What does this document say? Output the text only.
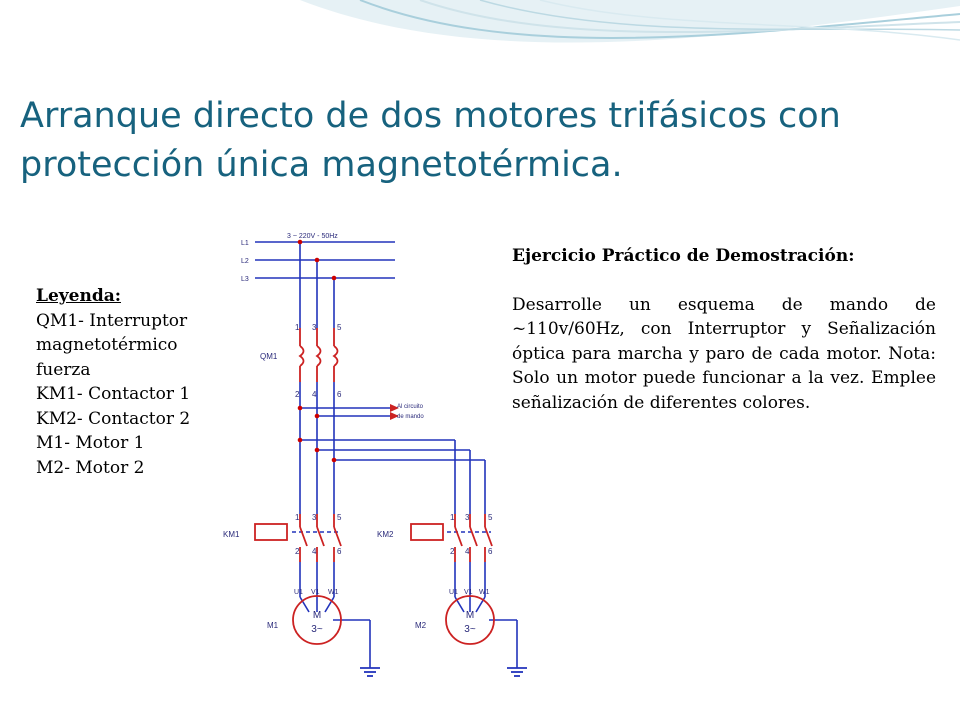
Arranque directo de dos motores trifásicos con protección única magnetotérmica.
Leyenda:
QM1- Interruptor
magnetotérmico
fuerza
KM1- Contactor 1
KM2- Contactor 2
M1- Motor 1
M2- Motor 2
L1
L2
L3
3 ~ 220V - 50Hz
QM1
Al circuito
de mando
KM1	KM2
M1	M2
1 3	5
2 4	6
1 3	5
2 4	6
1 3 5
2 4 6
U1 V1 W1	U1 V1 W1
M
3~
M
3~
Ejercicio Práctico de Demostración:
Desarrolle un esquema de mando de ~110v/60Hz, con Interruptor y Señalización óptica para marcha y paro de cada motor. Nota: Solo un motor puede funcionar a la vez. Emplee señalización de diferentes colores.
